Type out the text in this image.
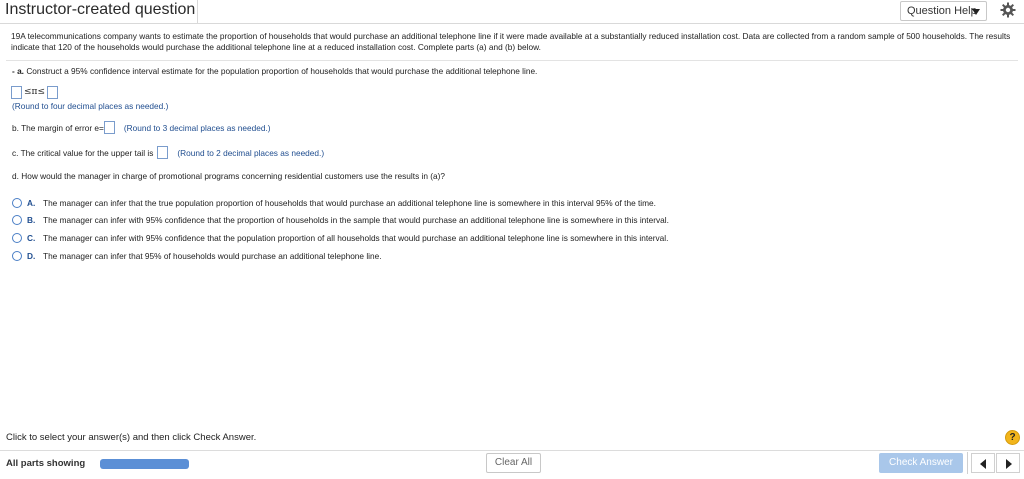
Instructor-created question	Question Help
19A telecommunications company wants to estimate the proportion of households that would purchase an additional telephone line if it were made available at a substantially reduced installation cost. Data are collected from a random sample of 500 households. The results indicate that 120 of the households would purchase the additional telephone line at a reduced installation cost. Complete parts (a) and (b) below.
- a. Construct a 95% confidence interval estimate for the population proportion of households that would purchase the additional telephone line.
≤π≤
(Round to four decimal places as needed.)
b. The margin of error e= (Round to 3 decimal places as needed.)
c. The critical value for the upper tail is	(Round to 2 decimal places as needed.)
d. How would the manager in charge of promotional programs concerning residential customers use the results in (a)?
A. The manager can infer that the true population proportion of households that would purchase an additional telephone line is somewhere in this interval 95% of the time.
B. The manager can infer with 95% confidence that the proportion of households in the sample that would purchase an additional telephone line is somewhere in this interval.
C. The manager can infer with 95% confidence that the population proportion of all households that would purchase an additional telephone line is somewhere in this interval.
D. The manager can infer that 95% of households would purchase an additional telephone line.
Click to select your answer(s) and then click Check Answer.	?
All parts showing	Clear All	Check Answer
